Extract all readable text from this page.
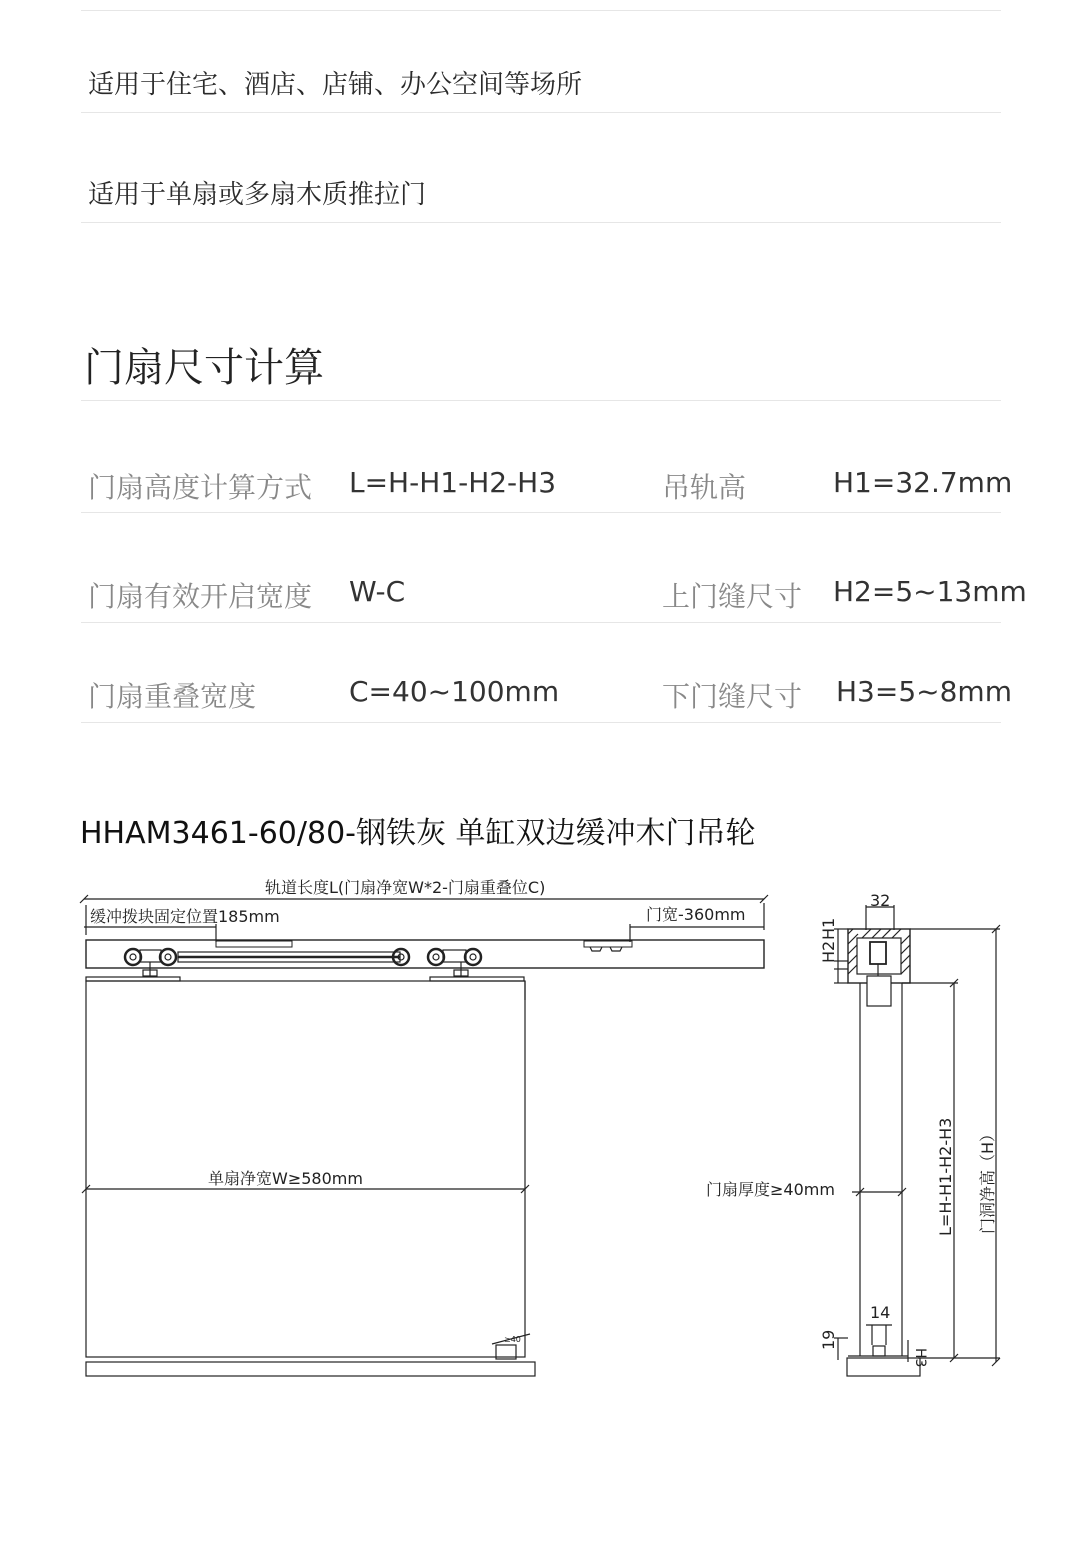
适用于住宅、酒店、店铺、办公空间等场所
适用于单扇或多扇木质推拉门
门扇尺寸计算
门扇高度计算方式 L=H-H1-H2-H3	吊轨高	H1=32.7mm
门扇有效开启宽度 W-C	上门缝尺寸 H2=5~13mm
门扇重叠宽度	C=40~100mm	下门缝尺寸 H3=5~8mm
HHAM3461-60/80-钢铁灰 单缸双边缓冲木门吊轮
轨道长度L(门扇净宽W*2-门扇重叠位C)
缓冲拨块固定位置185mm	门宽-360mm
单扇净宽W≥580mm
≥40
32
H2
H1
门扇厚度≥40mm	L=H-H1-H2-H3 门洞净高（H）
14
19
H3
